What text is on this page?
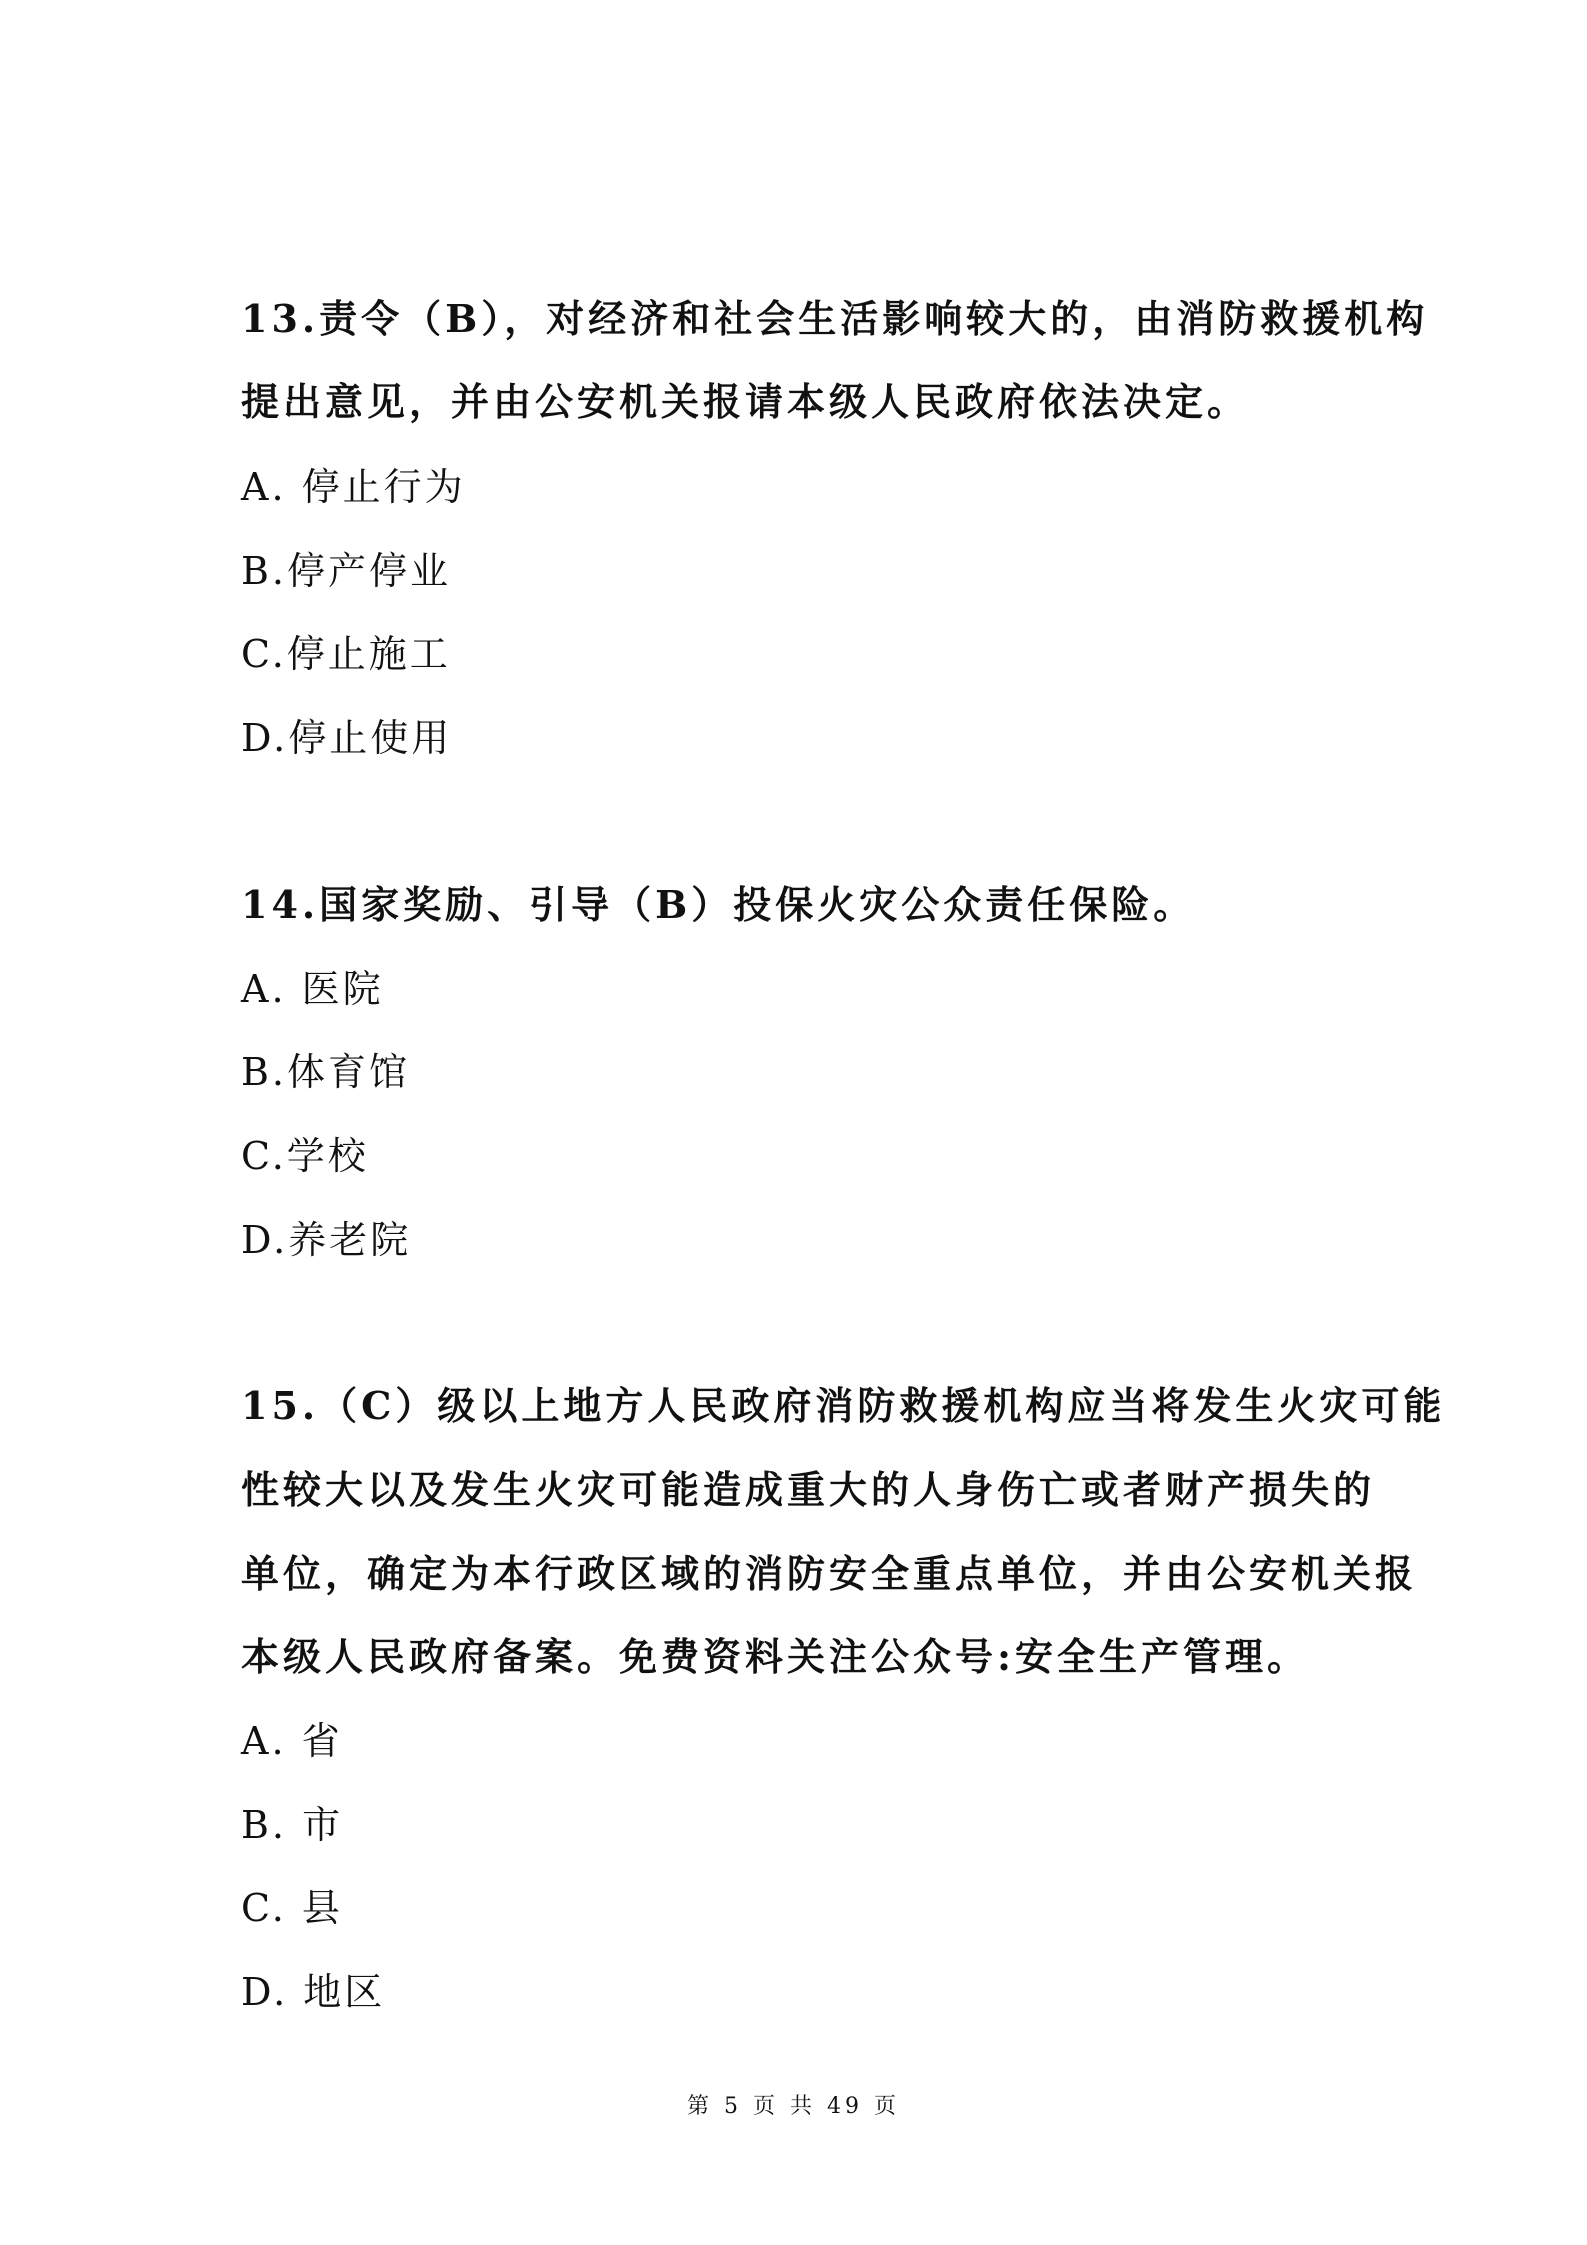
13.责令（B），对经济和社会生活影响较大的，由消防救援机构
提出意见，并由公安机关报请本级人民政府依法决定。
A. 停止行为
B.停产停业
C.停止施工
D.停止使用
14.国家奖励、引导（B）投保火灾公众责任保险。
A. 医院
B.体育馆
C.学校
D.养老院
15.（C）级以上地方人民政府消防救援机构应当将发生火灾可能
性较大以及发生火灾可能造成重大的人身伤亡或者财产损失的
单位，确定为本行政区域的消防安全重点单位，并由公安机关报
本级人民政府备案。免费资料关注公众号:安全生产管理。
A. 省
B. 市
C. 县
D. 地区
第 5 页 共 49 页
